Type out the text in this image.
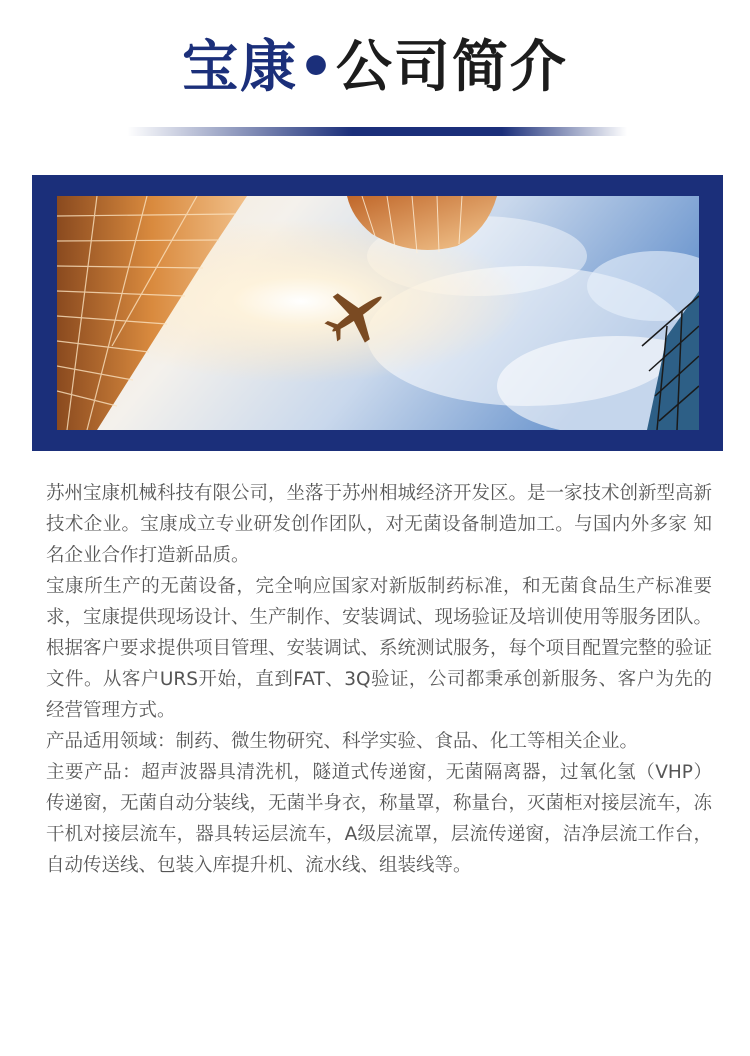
宝康•公司简介

苏州宝康机械科技有限公司，坐落于苏州相城经济开发区。是一家技术创新型高新技术企业。宝康成立专业研发创作团队，对无菌设备制造加工。与国内外多家 知名企业合作打造新品质。

宝康所生产的无菌设备，完全响应国家对新版制药标准，和无菌食品生产标准要求，宝康提供现场设计、生产制作、安装调试、现场验证及培训使用等服务团队。根据客户要求提供项目管理、安装调试、系统测试服务，每个项目配置完整的验证文件。从客户URS开始，直到FAT、3Q验证，公司都秉承创新服务、客户为先的经营管理方式。

产品适用领域：制药、微生物研究、科学实验、食品、化工等相关企业。

主要产品：超声波器具清洗机，隧道式传递窗，无菌隔离器，过氧化氢（VHP）传递窗，无菌自动分装线，无菌半身衣，称量罩，称量台，灭菌柜对接层流车，冻干机对接层流车，器具转运层流车，A级层流罩，层流传递窗，洁净层流工作台，自动传送线、包装入库提升机、流水线、组装线等。
